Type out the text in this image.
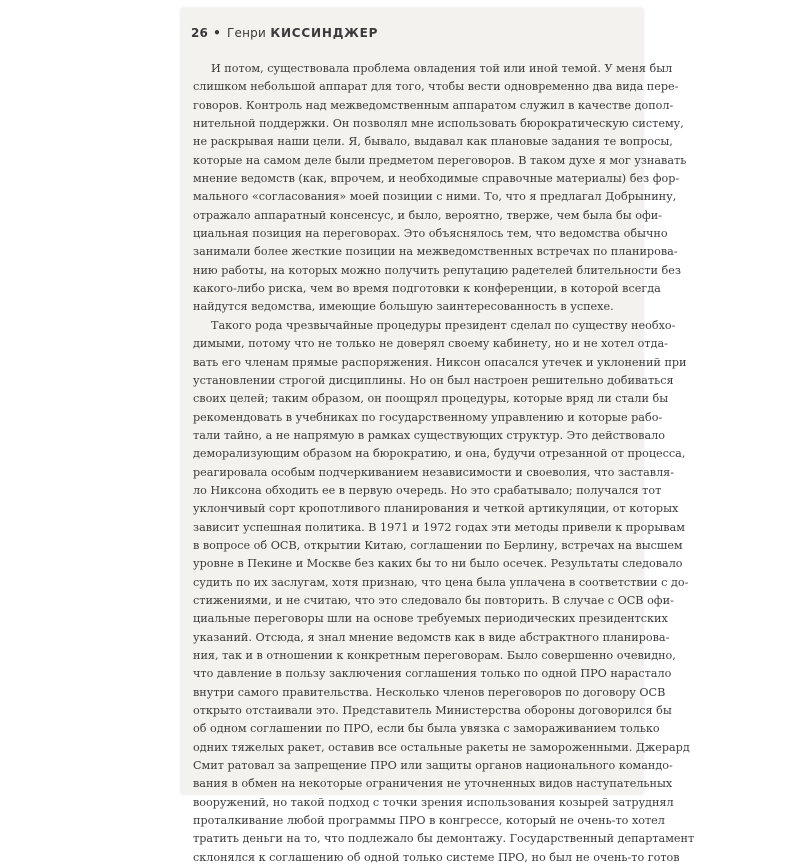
26 • Генри КИССИНДЖЕР
И потом, существовала проблема овладения той или иной темой. У меня был
слишком небольшой аппарат для того, чтобы вести одновременно два вида пере-
говоров. Контроль над межведомственным аппаратом служил в качестве допол-
нительной поддержки. Он позволял мне использовать бюрократическую систему,
не раскрывая наши цели. Я, бывало, выдавал как плановые задания те вопросы,
которые на самом деле были предметом переговоров. В таком духе я мог узнавать
мнение ведомств (как, впрочем, и необходимые справочные материалы) без фор-
мального «согласования» моей позиции с ними. То, что я предлагал Добрынину,
отражало аппаратный консенсус, и было, вероятно, тверже, чем была бы офи-
циальная позиция на переговорах. Это объяснялось тем, что ведомства обычно
занимали более жесткие позиции на межведомственных встречах по планирова-
нию работы, на которых можно получить репутацию радетелей блительности без
какого-либо риска, чем во время подготовки к конференции, в которой всегда
найдутся ведомства, имеющие большую заинтересованность в успехе.
Такого рода чрезвычайные процедуры президент сделал по существу необхо-
димыми, потому что не только не доверял своему кабинету, но и не хотел отда-
вать его членам прямые распоряжения. Никсон опасался утечек и уклонений при
установлении строгой дисциплины. Но он был настроен решительно добиваться
своих целей; таким образом, он поощрял процедуры, которые вряд ли стали бы
рекомендовать в учебниках по государственному управлению и которые рабо-
тали тайно, а не напрямую в рамках существующих структур. Это действовало
деморализующим образом на бюрократию, и она, будучи отрезанной от процесса,
реагировала особым подчеркиванием независимости и своеволия, что заставля-
ло Никсона обходить ее в первую очередь. Но это срабатывало; получался тот
уклончивый сорт кропотливого планирования и четкой артикуляции, от которых
зависит успешная политика. В 1971 и 1972 годах эти методы привели к прорывам
в вопросе об ОСВ, открытии Китаю, соглашении по Берлину, встречах на высшем
уровне в Пекине и Москве без каких бы то ни было осечек. Результаты следовало
судить по их заслугам, хотя признаю, что цена была уплачена в соответствии с до-
стижениями, и не считаю, что это следовало бы повторить. В случае с ОСВ офи-
циальные переговоры шли на основе требуемых периодических президентских
указаний. Отсюда, я знал мнение ведомств как в виде абстрактного планирова-
ния, так и в отношении к конкретным переговорам. Было совершенно очевидно,
что давление в пользу заключения соглашения только по одной ПРО нарастало
внутри самого правительства. Несколько членов переговоров по договору ОСВ
открыто отстаивали это. Представитель Министерства обороны договорился бы
об одном соглашении по ПРО, если бы была увязка с замораживанием только
одних тяжелых ракет, оставив все остальные ракеты не замороженными. Джерард
Смит ратовал за запрещение ПРО или защиты органов национального командо-
вания в обмен на некоторые ограничения не уточненных видов наступательных
вооружений, но такой подход с точки зрения использования козырей затруднял
проталкивание любой программы ПРО в конгрессе, который не очень-то хотел
тратить деньги на то, что подлежало бы демонтажу. Государственный департамент
склонялся к соглашению об одной только системе ПРО, но был не очень-то готов
